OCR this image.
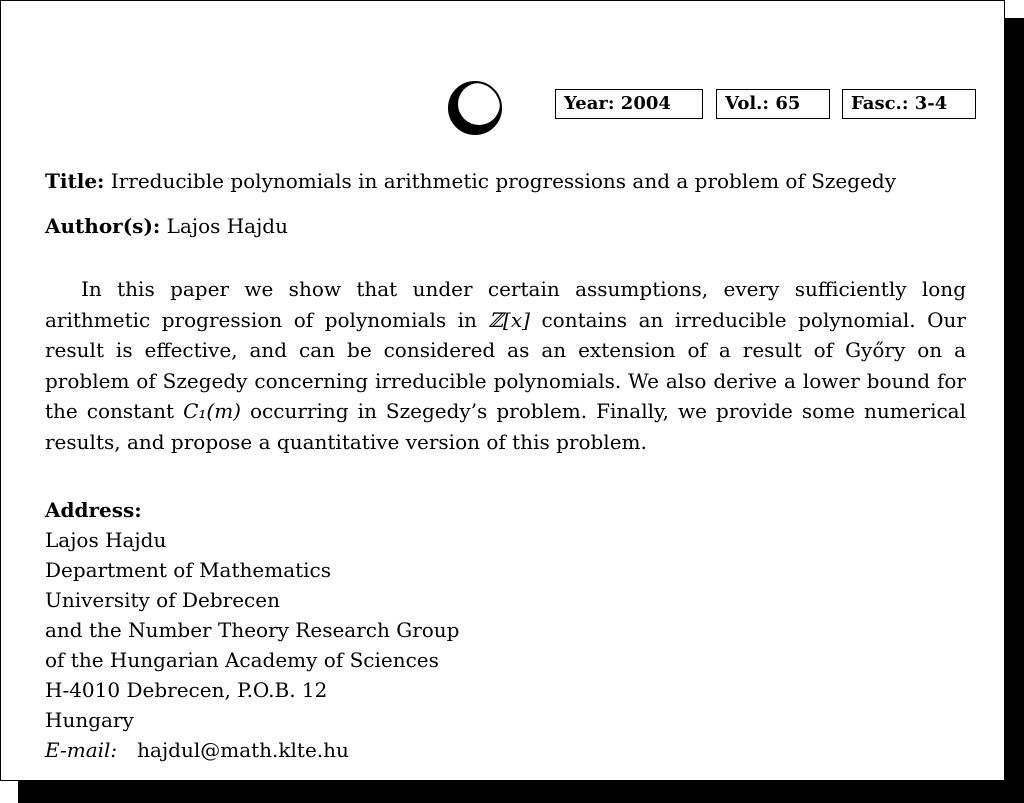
Year: 2004	Vol.: 65	Fasc.: 3-4
Title: Irreducible polynomials in arithmetic progressions and a problem of Szegedy
Author(s): Lajos Hajdu

In this paper we show that under certain assumptions, every sufficiently long arithmetic progression of polynomials in ℤ[x] contains an irreducible polynomial. Our result is effective, and can be considered as an extension of a result of Győry on a problem of Szegedy concerning irreducible polynomials. We also derive a lower bound for the constant C₁(m) occurring in Szegedy’s problem. Finally, we provide some numerical results, and propose a quantitative version of this problem.

Address:
Lajos Hajdu
Department of Mathematics
University of Debrecen
and the Number Theory Research Group
of the Hungarian Academy of Sciences
H-4010 Debrecen, P.O.B. 12
Hungary
E-mail: hajdul@math.klte.hu
